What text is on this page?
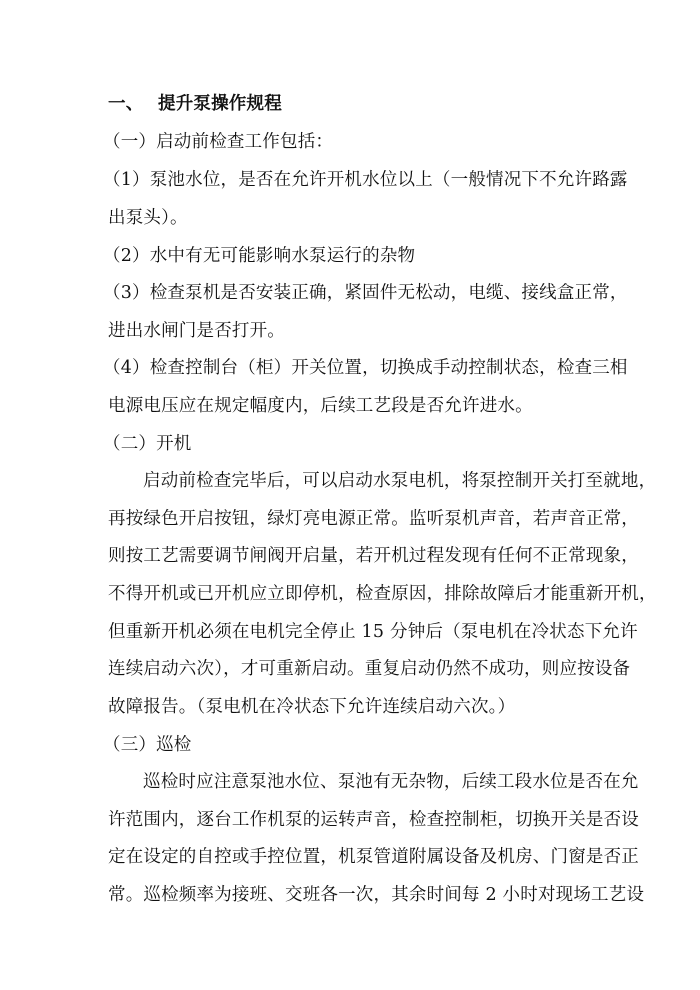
一、 提升泵操作规程
（一）启动前检查工作包括：
（1）泵池水位，是否在允许开机水位以上（一般情况下不允许路露
出泵头）。
（2）水中有无可能影响水泵运行的杂物
（3）检查泵机是否安装正确，紧固件无松动，电缆、接线盒正常，
进出水闸门是否打开。
（4）检查控制台（柜）开关位置，切换成手动控制状态，检查三相
电源电压应在规定幅度内，后续工艺段是否允许进水。
（二）开机
启动前检查完毕后，可以启动水泵电机，将泵控制开关打至就地，
再按绿色开启按钮，绿灯亮电源正常。监听泵机声音，若声音正常，
则按工艺需要调节闸阀开启量，若开机过程发现有任何不正常现象，
不得开机或已开机应立即停机，检查原因，排除故障后才能重新开机，
但重新开机必须在电机完全停止 15 分钟后（泵电机在冷状态下允许
连续启动六次），才可重新启动。重复启动仍然不成功，则应按设备
故障报告。（泵电机在冷状态下允许连续启动六次。）
（三）巡检
巡检时应注意泵池水位、泵池有无杂物，后续工段水位是否在允
许范围内，逐台工作机泵的运转声音，检查控制柜，切换开关是否设
定在设定的自控或手控位置，机泵管道附属设备及机房、门窗是否正
常。巡检频率为接班、交班各一次，其余时间每 2 小时对现场工艺设
